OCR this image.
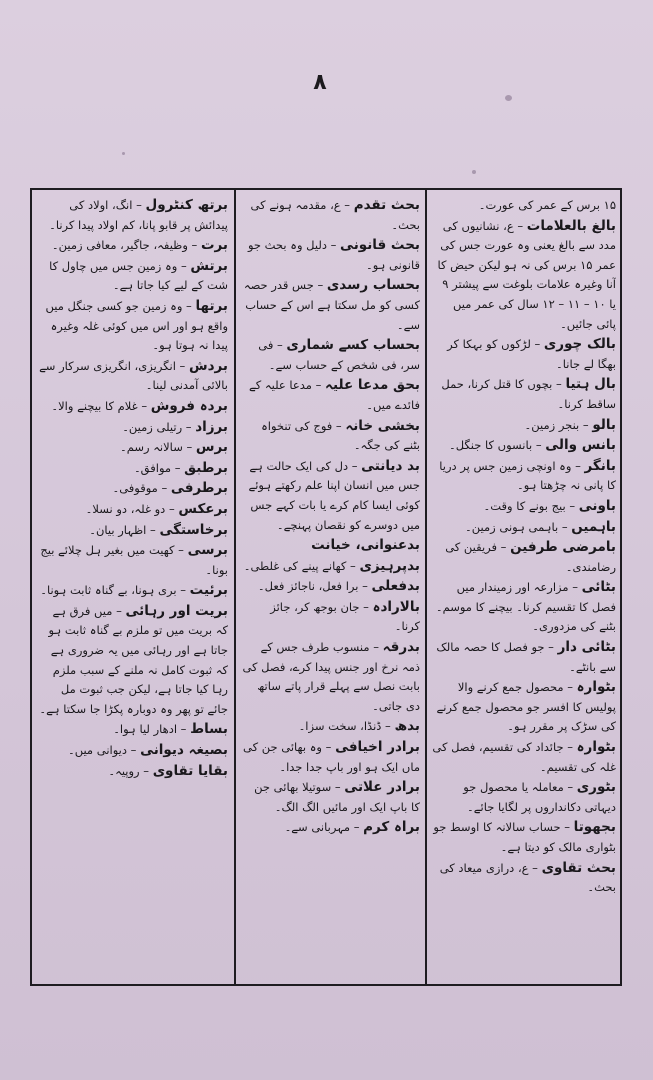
۸
۱۵ برس کے عمر کی عورت۔
بالغ بالعلامات – ع، نشانیوں کی مدد سے بالغ یعنی وہ عورت جس کی عمر ۱۵ برس کی نہ ہو لیکن حیض کا آنا وغیرہ علامات بلوغت سے پیشتر ۹ یا ۱۰ – ۱۱ – ۱۲ سال کی عمر میں پائی جائیں۔
بالک چوری – لڑکوں کو بہکا کر بھگا لے جانا۔
بال ہتیا – بچوں کا قتل کرنا، حمل ساقط کرنا۔
بالو – بنجر زمین۔
بانس والی – بانسوں کا جنگل۔
بانگر – وہ اونچی زمین جس پر دریا کا پانی نہ چڑھتا ہو۔
باونی – بیج بونے کا وقت۔
باہمیں – باہمی ہونی زمین۔
بامرضی طرفین – فریقین کی رضامندی۔
بٹائی – مزارعہ اور زمیندار میں فصل کا تقسیم کرنا۔ بیچنے کا موسم۔ بٹنے کی مزدوری۔
بٹائی دار – جو فصل کا حصہ مالک سے بانٹے۔
بٹوارہ – محصول جمع کرنے والا پولیس کا افسر جو محصول جمع کرنے کی سڑک پر مقرر ہو۔
بٹوارہ – جائداد کی تقسیم، فصل کی غلہ کی تقسیم۔
بٹوری – معاملہ یا محصول جو دیہاتی دکانداروں پر لگایا جائے۔
بجھوتا – حساب سالانہ کا اوسط جو بٹواری مالک کو دیتا ہے۔
بحث تقاوی – ع، درازی میعاد کی بحث۔
بحث تقدم – ع، مقدمہ ہونے کی بحث۔
بحث قانونی – دلیل وہ بحث جو قانونی ہو۔
بحساب رسدی – جس قدر حصہ کسی کو مل سکتا ہے اس کے حساب سے۔
بحساب کسے شماری – فی سر، فی شخص کے حساب سے۔
بحق مدعا علیہ – مدعا علیہ کے فائدے میں۔
بخشی خانہ – فوج کی تنخواہ بٹنے کی جگہ۔
بد دیانتی – دل کی ایک حالت ہے جس میں انسان اپنا علم رکھتے ہوئے کوئی ایسا کام کرے یا بات کہے جس میں دوسرے کو نقصان پہنچے۔
بدعنوانی، خیانت
بدپرہیزی – کھانے پینے کی غلطی۔
بدفعلی – برا فعل، ناجائز فعل۔
بالارادہ – جان بوجھ کر، جائز کرنا۔
بدرقہ – منسوب طرف جس کے ذمہ نرخ اور جنس پیدا کرے، فصل کی بابت نصل سے پہلے قرار پاتے ساتھ دی جاتی۔
بدھ – ڈنڈا، سخت سزا۔
برادر اخیافی – وہ بھائی جن کی ماں ایک ہو اور باپ جدا جدا۔
برادر علاتی – سوتیلا بھائی جن کا باپ ایک اور مائیں الگ الگ۔
براہ کرم – مہربانی سے۔
برتھ کنٹرول – انگ، اولاد کی پیدائش پر قابو پانا، کم اولاد پیدا کرنا۔
برت – وظیفہ، جاگیر، معافی زمین۔
برتش – وہ زمین جس میں چاول کا شت کے لیے کیا جاتا ہے۔
برتھا – وہ زمین جو کسی جنگل میں واقع ہو اور اس میں کوئی غلہ وغیرہ پیدا نہ ہوتا ہو۔
بردش – انگریزی، انگریزی سرکار سے بالائی آمدنی لینا۔
بردہ فروش – غلام کا بیچنے والا۔
برزاد – رتیلی زمین۔
برس – سالانہ رسم۔
برطبق – موافق۔
برطرفی – موقوفی۔
برعکس – دو غلہ، دو نسلا۔
برخاستگی – اظہار بیان۔
برسی – کھیت میں بغیر ہل چلائے بیج بونا۔
برئیت – بری ہونا، بے گناہ ثابت ہونا۔
بریت اور رہائی – میں فرق ہے کہ بریت میں تو ملزم بے گناہ ثابت ہو جاتا ہے اور رہائی میں یہ ضروری ہے کہ ثبوت کامل نہ ملنے کے سبب ملزم رہا کیا جاتا ہے، لیکن جب ثبوت مل جائے تو پھر وہ دوبارہ پکڑا جا سکتا ہے۔
بساط – ادھار لیا ہوا۔
بصیغہ دیوانی – دیوانی میں۔
بقایا تقاوی – روپیہ۔
